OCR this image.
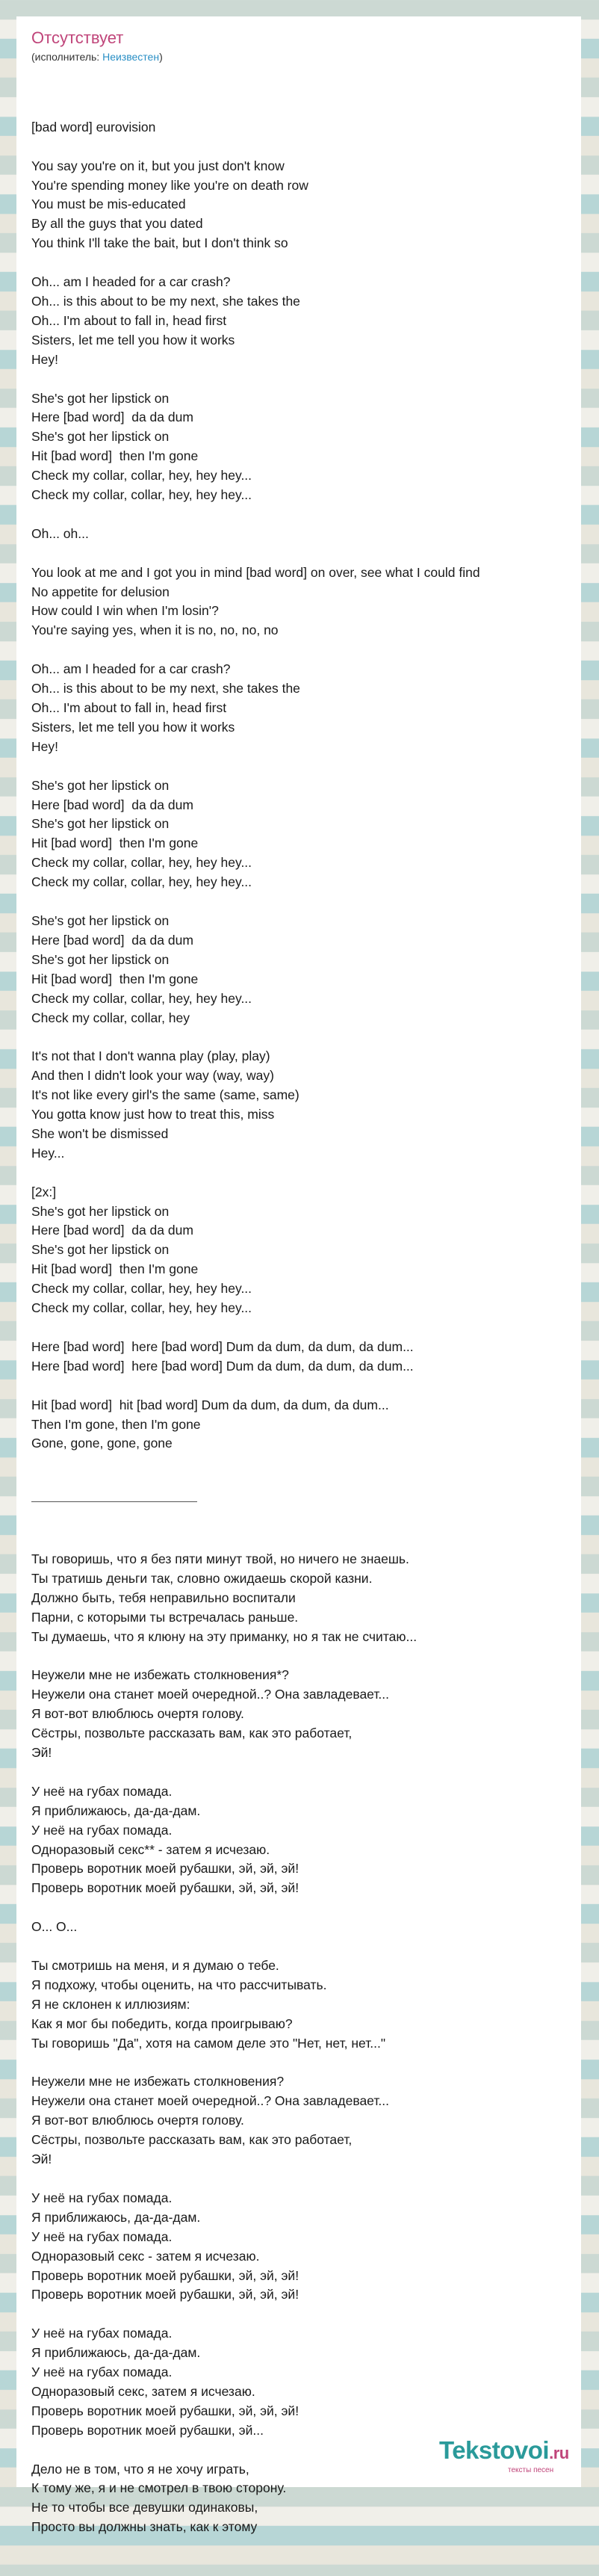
Отсутствует
(исполнитель: Неизвестен)

[bad word] eurovision

You say you're on it, but you just don't know
You're spending money like you're on death row
You must be mis-educated
By all the guys that you dated
You think I'll take the bait, but I don't think so

Oh... am I headed for a car crash?
Oh... is this about to be my next, she takes the
Oh... I'm about to fall in, head first
Sisters, let me tell you how it works
Hey!

She's got her lipstick on
Here [bad word]  da da dum
She's got her lipstick on
Hit [bad word]  then I'm gone
Check my collar, collar, hey, hey hey...
Check my collar, collar, hey, hey hey...

Oh... oh...

You look at me and I got you in mind [bad word] on over, see what I could find
No appetite for delusion
How could I win when I'm losin'?
You're saying yes, when it is no, no, no, no

Oh... am I headed for a car crash?
Oh... is this about to be my next, she takes the
Oh... I'm about to fall in, head first
Sisters, let me tell you how it works
Hey!

She's got her lipstick on
Here [bad word]  da da dum
She's got her lipstick on
Hit [bad word]  then I'm gone
Check my collar, collar, hey, hey hey...
Check my collar, collar, hey, hey hey...

She's got her lipstick on
Here [bad word]  da da dum
She's got her lipstick on
Hit [bad word]  then I'm gone
Check my collar, collar, hey, hey hey...
Check my collar, collar, hey

It's not that I don't wanna play (play, play)
And then I didn't look your way (way, way)
It's not like every girl's the same (same, same)
You gotta know just how to treat this, miss
She won't be dismissed
Hey...

[2x:]
She's got her lipstick on
Here [bad word]  da da dum
She's got her lipstick on
Hit [bad word]  then I'm gone
Check my collar, collar, hey, hey hey...
Check my collar, collar, hey, hey hey...

Here [bad word]  here [bad word] Dum da dum, da dum, da dum...
Here [bad word]  here [bad word] Dum da dum, da dum, da dum...

Hit [bad word]  hit [bad word] Dum da dum, da dum, da dum...
Then I'm gone, then I'm gone
Gone, gone, gone, gone

Ты говоришь, что я без пяти минут твой, но ничего не знаешь.
Ты тратишь деньги так, словно ожидаешь скорой казни.
Должно быть, тебя неправильно воспитали
Парни, с которыми ты встречалась раньше.
Ты думаешь, что я клюну на эту приманку, но я так не считаю...

Неужели мне не избежать столкновения*?
Неужели она станет моей очередной..? Она завладевает...
Я вот-вот влюблюсь очертя голову.
Сёстры, позвольте рассказать вам, как это работает,
Эй!

У неё на губах помада.
Я приближаюсь, да-да-дам.
У неё на губах помада.
Одноразовый секс** - затем я исчезаю.
Проверь воротник моей рубашки, эй, эй, эй!
Проверь воротник моей рубашки, эй, эй, эй!

О... О...

Ты смотришь на меня, и я думаю о тебе.
Я подхожу, чтобы оценить, на что рассчитывать.
Я не склонен к иллюзиям:
Как я мог бы победить, когда проигрываю?
Ты говоришь "Да", хотя на самом деле это "Нет, нет, нет..."

Неужели мне не избежать столкновения?
Неужели она станет моей очередной..? Она завладевает...
Я вот-вот влюблюсь очертя голову.
Сёстры, позвольте рассказать вам, как это работает,
Эй!

У неё на губах помада.
Я приближаюсь, да-да-дам.
У неё на губах помада.
Одноразовый секс - затем я исчезаю.
Проверь воротник моей рубашки, эй, эй, эй!
Проверь воротник моей рубашки, эй, эй, эй!

У неё на губах помада.
Я приближаюсь, да-да-дам.
У неё на губах помада.
Одноразовый секс, затем я исчезаю.
Проверь воротник моей рубашки, эй, эй, эй!
Проверь воротник моей рубашки, эй...

Дело не в том, что я не хочу играть,
К тому же, я и не смотрел в твою сторону.
Не то чтобы все девушки одинаковы,
Просто вы должны знать, как к этому

Tekstovoi.ru
тексты песен
